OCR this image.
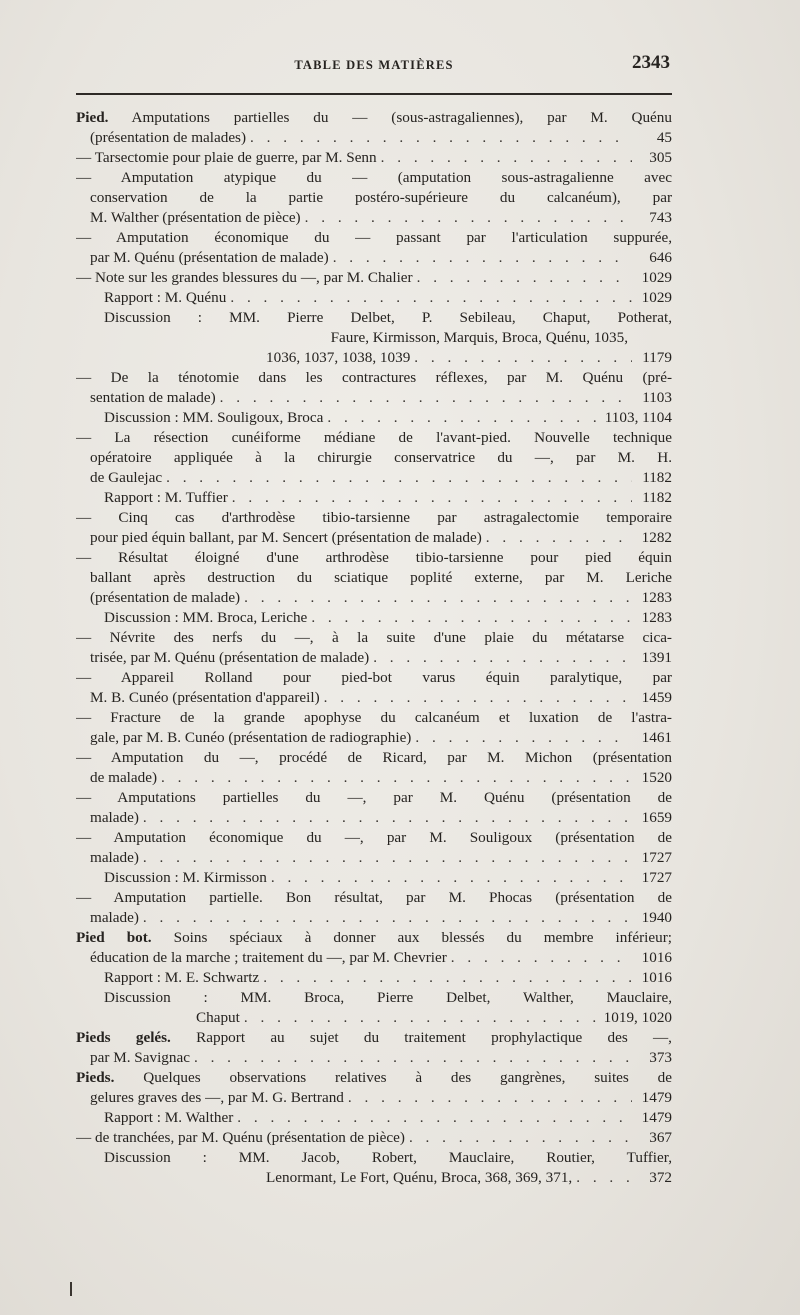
TABLE DES MATIÈRES	2343
Pied. Amputations partielles du — (sous-astragaliennes), par M. Quénu
(présentation de malades) . . .	45
— Tarsectomie pour plaie de guerre, par M. Senn . . .	305
— Amputation atypique du — (amputation sous-astragalienne avec
conservation de la partie postéro-supérieure du calcanéum), par
M. Walther (présentation de pièce) . . .	743
— Amputation économique du — passant par l'articulation suppurée,
par M. Quénu (présentation de malade) . . .	646
— Note sur les grandes blessures du —, par M. Chalier . . .	1029
Rapport : M. Quénu . . .	1029
Discussion : MM. Pierre Delbet, P. Sebileau, Chaput, Potherat,
Faure, Kirmisson, Marquis, Broca, Quénu, 1035,
1036, 1037, 1038, 1039 . . .	1179
— De la ténotomie dans les contractures réflexes, par M. Quénu (pré-
sentation de malade) . . .	1103
Discussion : MM. Souligoux, Broca . . .	1103, 1104
— La résection cunéiforme médiane de l'avant-pied. Nouvelle technique
opératoire appliquée à la chirurgie conservatrice du —, par M. H.
de Gaulejac . . .	1182
Rapport : M. Tuffier . . .	1182
— Cinq cas d'arthrodèse tibio-tarsienne par astragalectomie temporaire
pour pied équin ballant, par M. Sencert (présentation de malade) . . .	1282
— Résultat éloigné d'une arthrodèse tibio-tarsienne pour pied équin
ballant après destruction du sciatique poplité externe, par M. Leriche
(présentation de malade) . . .	1283
Discussion : MM. Broca, Leriche . . .	1283
— Névrite des nerfs du —, à la suite d'une plaie du métatarse cica-
trisée, par M. Quénu (présentation de malade) . . .	1391
— Appareil Rolland pour pied-bot varus équin paralytique, par
M. B. Cunéo (présentation d'appareil) . . .	1459
— Fracture de la grande apophyse du calcanéum et luxation de l'astra-
gale, par M. B. Cunéo (présentation de radiographie) . . .	1461
— Amputation du —, procédé de Ricard, par M. Michon (présentation
de malade) . . .	1520
— Amputations partielles du —, par M. Quénu (présentation de
malade) . . .	1659
— Amputation économique du —, par M. Souligoux (présentation de
malade) . . .	1727
Discussion : M. Kirmisson . . .	1727
— Amputation partielle. Bon résultat, par M. Phocas (présentation de
malade) . . .	1940
Pied bot. Soins spéciaux à donner aux blessés du membre inférieur;
éducation de la marche ; traitement du —, par M. Chevrier . . .	1016
Rapport : M. E. Schwartz . . .	1016
Discussion : MM. Broca, Pierre Delbet, Walther, Mauclaire,
Chaput . . .	1019, 1020
Pieds gelés. Rapport au sujet du traitement prophylactique des —,
par M. Savignac . . .	373
Pieds. Quelques observations relatives à des gangrènes, suites de
gelures graves des —, par M. G. Bertrand . . .	1479
Rapport : M. Walther . . .	1479
— de tranchées, par M. Quénu (présentation de pièce) . . .	367
Discussion : MM. Jacob, Robert, Mauclaire, Routier, Tuffier,
Lenormant, Le Fort, Quénu, Broca, 368, 369, 371, . . .	372
